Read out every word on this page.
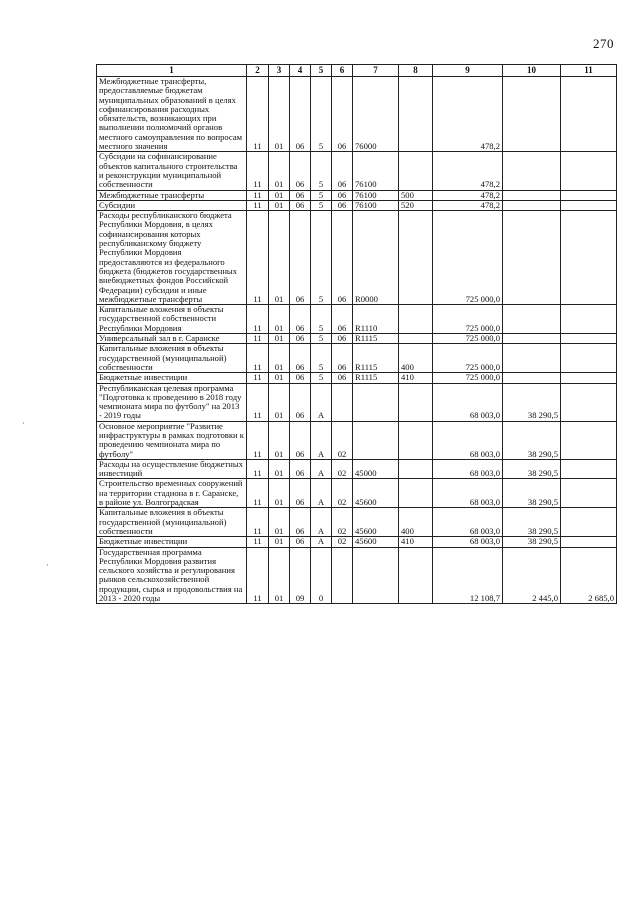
270
1	2	3	4	5	6	7	8	9	10	11

Межбюджетные трансферты, предоставляемые бюджетам муниципальных образований в целях софинансирования расходных обязательств, возникающих при выполнении полномочий органов местного самоуправления по вопросам местного значения	11	01	06	5	06	76000		478,2		

Субсидии на софинансирование объектов капитального строительства и реконструкции муниципальной собственности	11	01	06	5	06	76100		478,2		

Межбюджетные трансферты	11	01	06	5	06	76100	500	478,2		

Субсидии	11	01	06	5	06	76100	520	478,2		

Расходы республиканского бюджета Республики Мордовия, в целях софинансирования которых республиканскому бюджету Республики Мордовия предоставляются из федерального бюджета (бюджетов государственных внебюджетных фондов Российской Федерации) субсидии и иные межбюджетные трансферты	11	01	06	5	06	R0000		725 000,0		

Капитальные вложения в объекты государственной собственности Республики Мордовия	11	01	06	5	06	R1110		725 000,0		

Универсальный зал в г. Саранске	11	01	06	5	06	R1115		725 000,0		

Капитальные вложения в объекты государственной (муниципальной) собственности	11	01	06	5	06	R1115	400	725 000,0		

Бюджетные инвестиции	11	01	06	5	06	R1115	410	725 000,0		

Республиканская целевая программа "Подготовка к проведению в 2018 году чемпионата мира по футболу" на 2013 - 2019 годы	11	01	06	А				68 003,0	38 290,5	

Основное мероприятие "Развитие инфраструктуры в рамках подготовки к проведению чемпионата мира по футболу"	11	01	06	А	02			68 003,0	38 290,5	

Расходы на осуществление бюджетных инвестиций	11	01	06	А	02	45000		68 003,0	38 290,5	

Строительство временных сооружений на территории стадиона в г. Саранске, в районе ул. Волгоградская	11	01	06	А	02	45600		68 003,0	38 290,5	

Капитальные вложения в объекты государственной (муниципальной) собственности	11	01	06	А	02	45600	400	68 003,0	38 290,5	

Бюджетные инвестиции	11	01	06	А	02	45600	410	68 003,0	38 290,5	

Государственная программа Республики Мордовия развития сельского хозяйства и регулирования рынков сельскохозяйственной продукции, сырья и продовольствия на 2013 - 2020 годы	11	01	09	0				12 108,7	2 445,0	2 685,0
·
·
